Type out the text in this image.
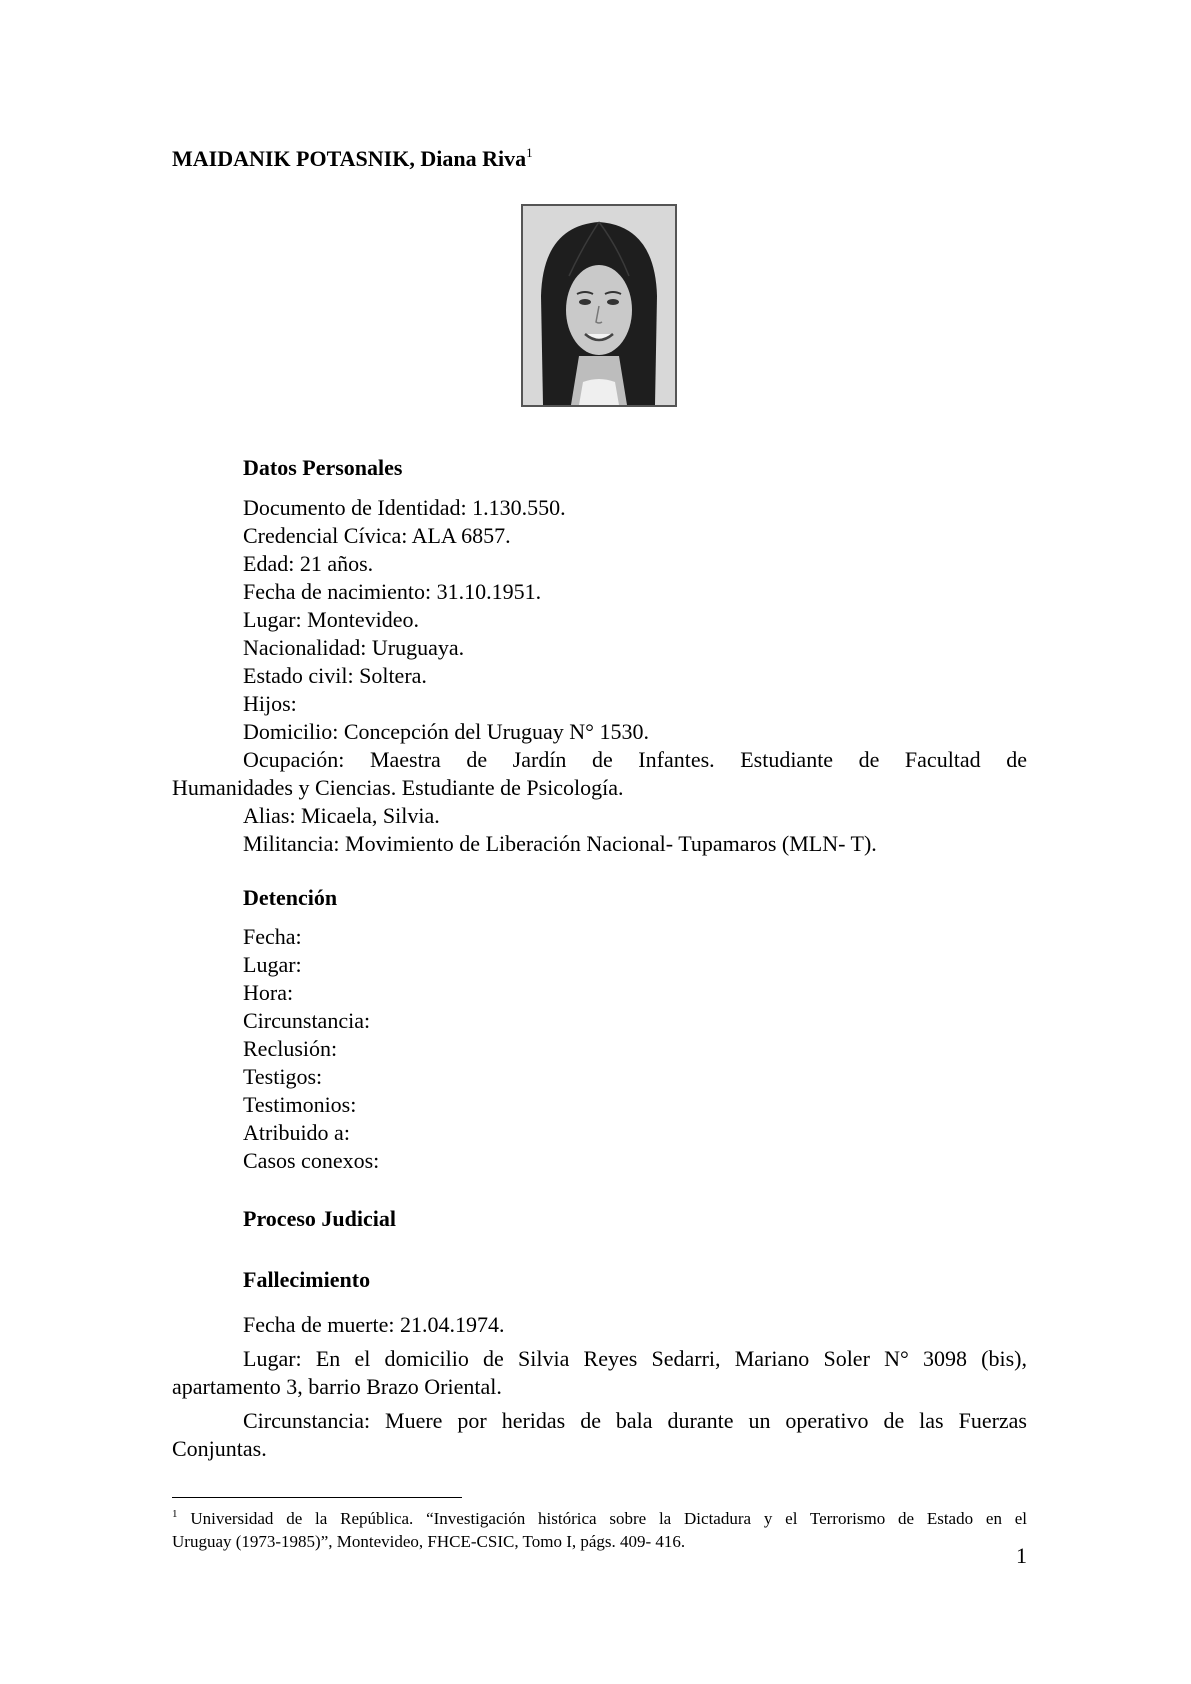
MAIDANIK POTASNIK, Diana Riva$^1$
Datos Personales
Documento de Identidad: 1.130.550.
Credencial Cívica: ALA 6857.
Edad: 21 años.
Fecha de nacimiento: 31.10.1951.
Lugar: Montevideo.
Nacionalidad: Uruguaya.
Estado civil: Soltera.
Hijos:
Domicilio: Concepción del Uruguay N° 1530.
Ocupación: Maestra de Jardín de Infantes. Estudiante de Facultad de
Humanidades y Ciencias. Estudiante de Psicología.
Alias: Micaela, Silvia.
Militancia: Movimiento de Liberación Nacional- Tupamaros (MLN- T).
Detención
Fecha:
Lugar:
Hora:
Circunstancia:
Reclusión:
Testigos:
Testimonios:
Atribuido a:
Casos conexos:
Proceso Judicial
Fallecimiento
Fecha de muerte: 21.04.1974.
Lugar: En el domicilio de Silvia Reyes Sedarri, Mariano Soler N° 3098 (bis),
apartamento 3, barrio Brazo Oriental.
Circunstancia: Muere por heridas de bala durante un operativo de las Fuerzas
Conjuntas.
$^1$ Universidad de la República. “Investigación histórica sobre la Dictadura y el Terrorismo de Estado en el
Uruguay (1973-1985)”, Montevideo, FHCE-CSIC, Tomo I, págs. 409- 416.
1
